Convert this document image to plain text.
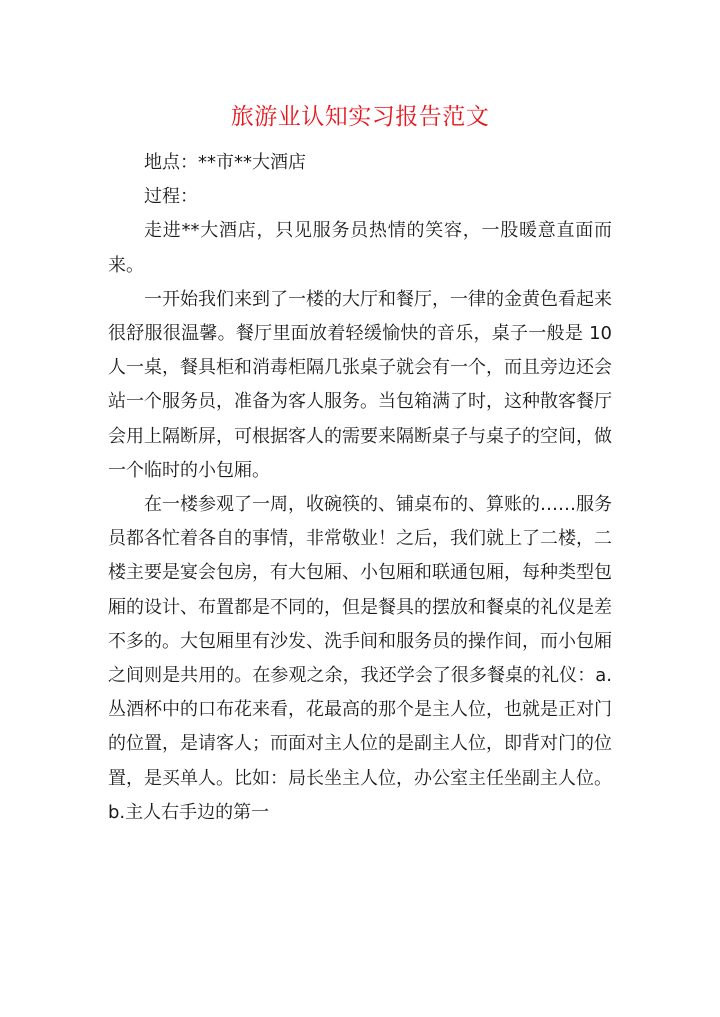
旅游业认知实习报告范文

地点：**市**大酒店

过程：

走进**大酒店，只见服务员热情的笑容，一股暖意直面而来。

一开始我们来到了一楼的大厅和餐厅，一律的金黄色看起来很舒服很温馨。餐厅里面放着轻缓愉快的音乐，桌子一般是 10 人一桌，餐具柜和消毒柜隔几张桌子就会有一个，而且旁边还会站一个服务员，准备为客人服务。当包箱满了时，这种散客餐厅会用上隔断屏，可根据客人的需要来隔断桌子与桌子的空间，做一个临时的小包厢。

在一楼参观了一周，收碗筷的、铺桌布的、算账的……服务员都各忙着各自的事情，非常敬业！之后，我们就上了二楼，二楼主要是宴会包房，有大包厢、小包厢和联通包厢，每种类型包厢的设计、布置都是不同的，但是餐具的摆放和餐桌的礼仪是差不多的。大包厢里有沙发、洗手间和服务员的操作间，而小包厢之间则是共用的。在参观之余，我还学会了很多餐桌的礼仪：a.丛酒杯中的口布花来看，花最高的那个是主人位，也就是正对门的位置，是请客人；而面对主人位的是副主人位，即背对门的位置，是买单人。比如：局长坐主人位，办公室主任坐副主人位。b.主人右手边的第一
